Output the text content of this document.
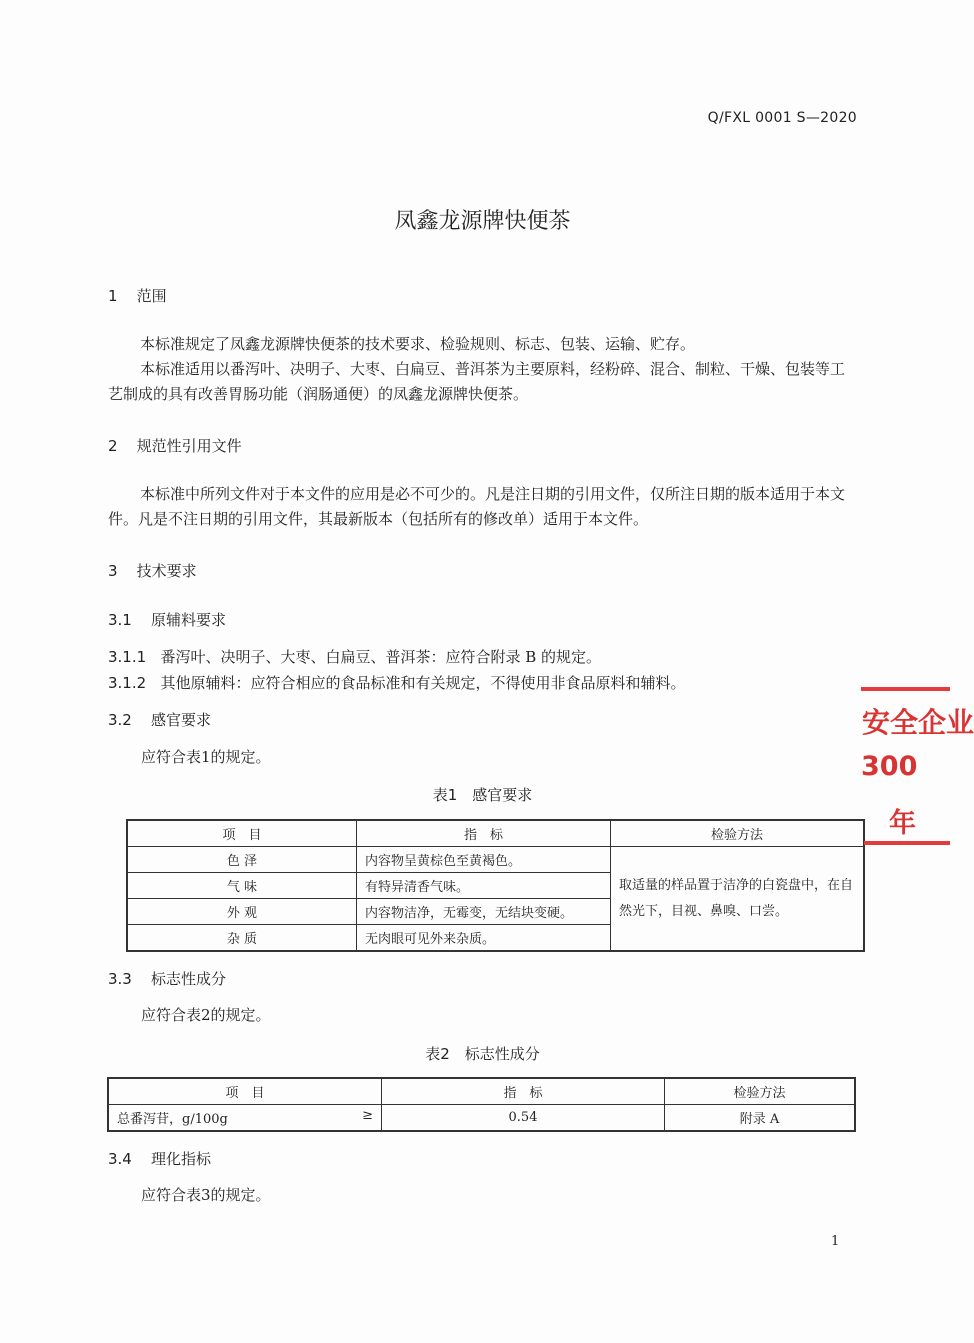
Q/FXL 0001 S—2020
凤鑫龙源牌快便茶
1 范围
本标准规定了凤鑫龙源牌快便茶的技术要求、检验规则、标志、包装、运输、贮存。
本标准适用以番泻叶、决明子、大枣、白扁豆、普洱茶为主要原料，经粉碎、混合、制粒、干燥、包装等工艺制成的具有改善胃肠功能（润肠通便）的凤鑫龙源牌快便茶。
2 规范性引用文件
本标准中所列文件对于本文件的应用是必不可少的。凡是注日期的引用文件，仅所注日期的版本适用于本文件。凡是不注日期的引用文件，其最新版本（包括所有的修改单）适用于本文件。
3 技术要求
3.1 原辅料要求
3.1.1 番泻叶、决明子、大枣、白扁豆、普洱茶：应符合附录 B 的规定。
3.1.2 其他原辅料：应符合相应的食品标准和有关规定，不得使用非食品原料和辅料。
3.2 感官要求
应符合表1的规定。
表1　感官要求
项　目	指　标	检验方法
色 泽	内容物呈黄棕色至黄褐色。	取适量的样品置于洁净的白瓷盘中，在自然光下，目视、鼻嗅、口尝。
气 味	有特异清香气味。	
外 观	内容物洁净，无霉变，无结块变硬。	
杂 质	无肉眼可见外来杂质。	
3.3 标志性成分
应符合表2的规定。
表2　标志性成分
项　目	指　标	检验方法
总番泻苷，g/100g ≥	0.54	附录 A
3.4 理化指标
应符合表3的规定。
1
安全企业
300
年
